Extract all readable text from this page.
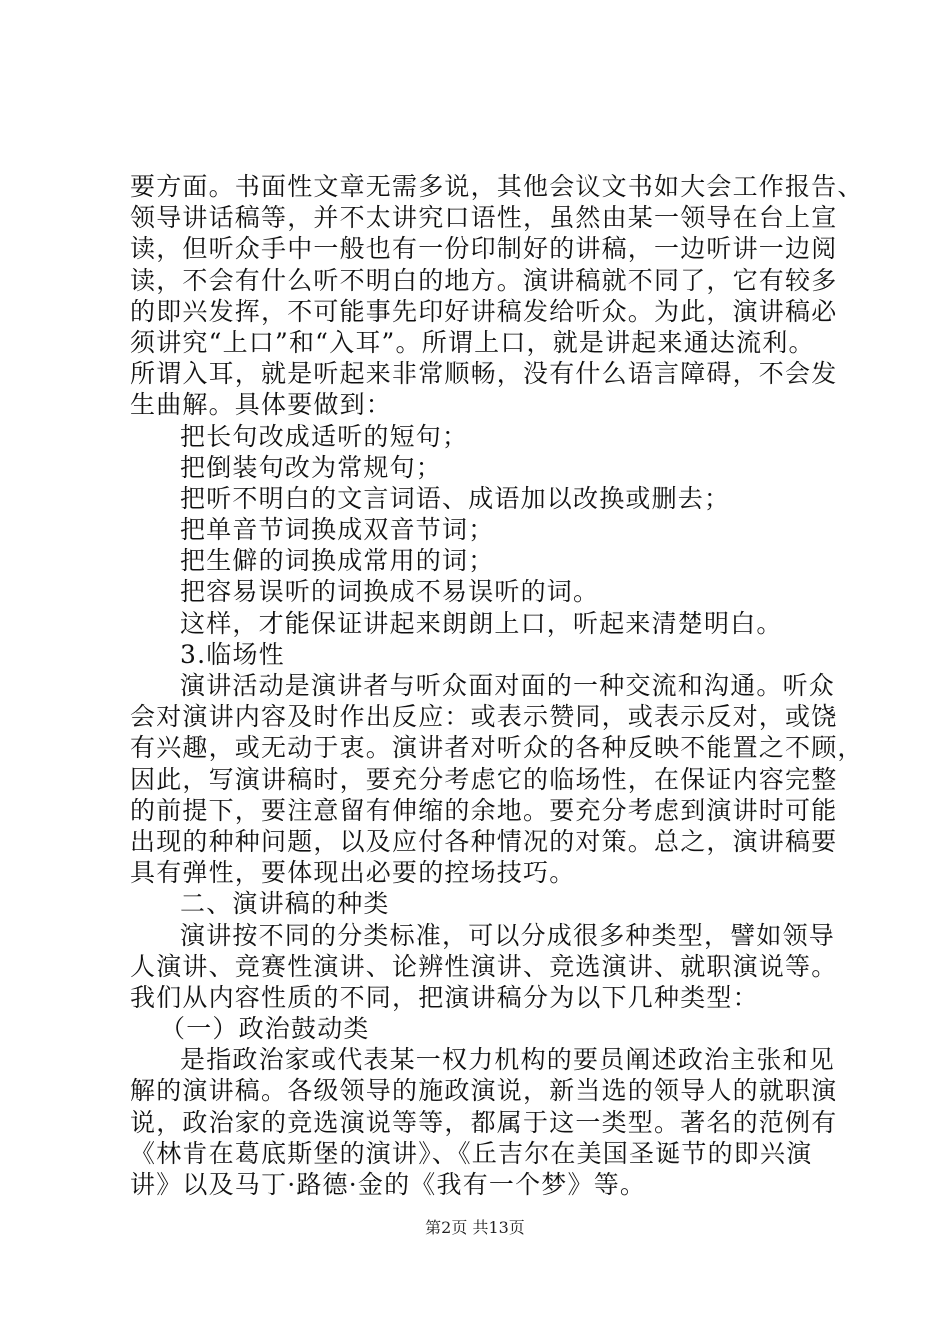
要方面。书面性文章无需多说，其他会议文书如大会工作报告、
领导讲话稿等，并不太讲究口语性，虽然由某一领导在台上宣
读，但听众手中一般也有一份印制好的讲稿，一边听讲一边阅
读，不会有什么听不明白的地方。演讲稿就不同了，它有较多
的即兴发挥，不可能事先印好讲稿发给听众。为此，演讲稿必
须讲究“上口”和“入耳”。所谓上口，就是讲起来通达流利。
所谓入耳，就是听起来非常顺畅，没有什么语言障碍，不会发
生曲解。具体要做到：
把长句改成适听的短句；
把倒装句改为常规句；
把听不明白的文言词语、成语加以改换或删去；
把单音节词换成双音节词；
把生僻的词换成常用的词；
把容易误听的词换成不易误听的词。
这样，才能保证讲起来朗朗上口，听起来清楚明白。
3.临场性
演讲活动是演讲者与听众面对面的一种交流和沟通。听众
会对演讲内容及时作出反应：或表示赞同，或表示反对，或饶
有兴趣，或无动于衷。演讲者对听众的各种反映不能置之不顾，
因此，写演讲稿时，要充分考虑它的临场性，在保证内容完整
的前提下，要注意留有伸缩的余地。要充分考虑到演讲时可能
出现的种种问题，以及应付各种情况的对策。总之，演讲稿要
具有弹性，要体现出必要的控场技巧。
二、演讲稿的种类
演讲按不同的分类标准，可以分成很多种类型，譬如领导
人演讲、竞赛性演讲、论辨性演讲、竞选演讲、就职演说等。
我们从内容性质的不同，把演讲稿分为以下几种类型：
（一）政治鼓动类
是指政治家或代表某一权力机构的要员阐述政治主张和见
解的演讲稿。各级领导的施政演说，新当选的领导人的就职演
说，政治家的竞选演说等等，都属于这一类型。著名的范例有
《林肯在葛底斯堡的演讲》、《丘吉尔在美国圣诞节的即兴演
讲》以及马丁·路德·金的《我有一个梦》等。
第2页 共13页
